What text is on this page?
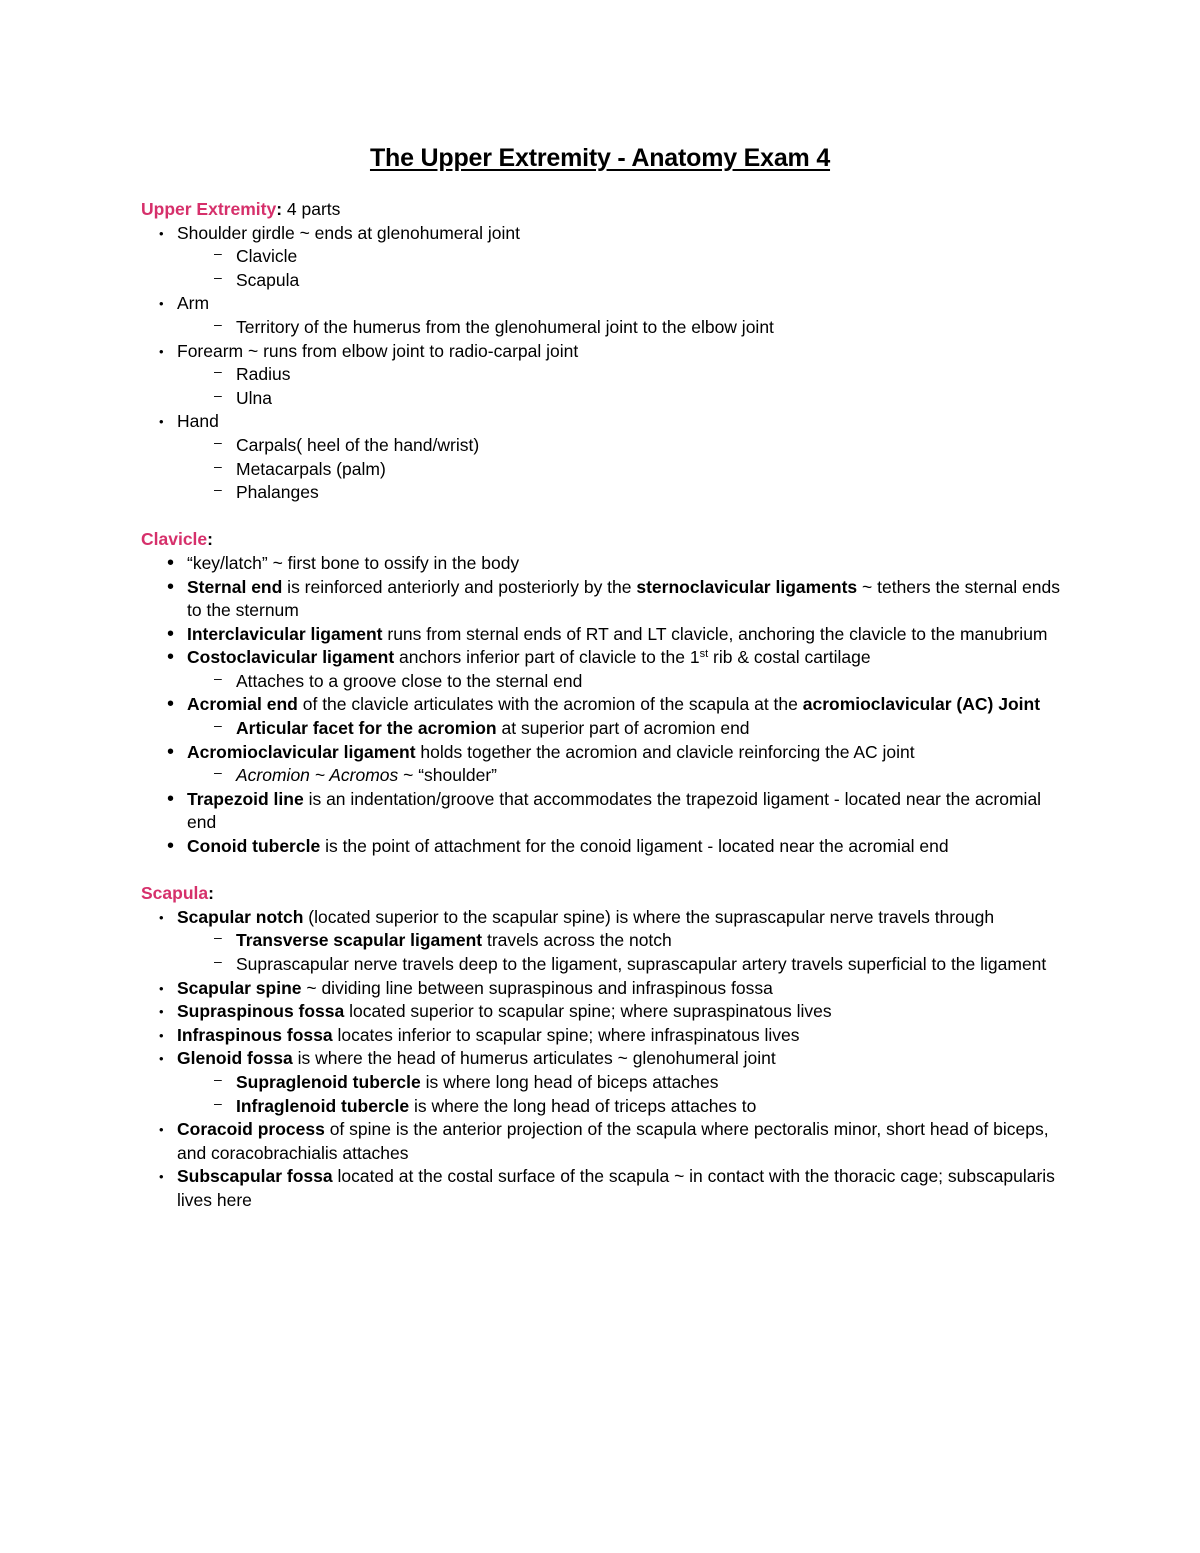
The Upper Extremity - Anatomy Exam 4

Upper Extremity: 4 parts

• Shoulder girdle ~ ends at glenohumeral joint
– Clavicle
– Scapula
• Arm
– Territory of the humerus from the glenohumeral joint to the elbow joint
• Forearm ~ runs from elbow joint to radio-carpal joint
– Radius
– Ulna
• Hand
– Carpals( heel of the hand/wrist)
– Metacarpals (palm)
– Phalanges

Clavicle:

• “key/latch” ~ first bone to ossify in the body
• Sternal end is reinforced anteriorly and posteriorly by the sternoclavicular ligaments ~ tethers the sternal ends to the sternum
• Interclavicular ligament runs from sternal ends of RT and LT clavicle, anchoring the clavicle to the manubrium
• Costoclavicular ligament anchors inferior part of clavicle to the 1st rib & costal cartilage
– Attaches to a groove close to the sternal end
• Acromial end of the clavicle articulates with the acromion of the scapula at the acromioclavicular (AC) Joint
– Articular facet for the acromion at superior part of acromion end
• Acromioclavicular ligament holds together the acromion and clavicle reinforcing the AC joint
– Acromion ~ Acromos ~ “shoulder”
• Trapezoid line is an indentation/groove that accommodates the trapezoid ligament - located near the acromial end
• Conoid tubercle is the point of attachment for the conoid ligament - located near the acromial end

Scapula:

• Scapular notch (located superior to the scapular spine) is where the suprascapular nerve travels through
– Transverse scapular ligament travels across the notch
– Suprascapular nerve travels deep to the ligament, suprascapular artery travels superficial to the ligament
• Scapular spine ~ dividing line between supraspinous and infraspinous fossa
• Supraspinous fossa located superior to scapular spine; where supraspinatous lives
• Infraspinous fossa locates inferior to scapular spine; where infraspinatous lives
• Glenoid fossa is where the head of humerus articulates ~ glenohumeral joint
– Supraglenoid tubercle is where long head of biceps attaches
– Infraglenoid tubercle is where the long head of triceps attaches to
• Coracoid process of spine is the anterior projection of the scapula where pectoralis minor, short head of biceps, and coracobrachialis attaches
• Subscapular fossa located at the costal surface of the scapula ~ in contact with the thoracic cage; subscapularis lives here
